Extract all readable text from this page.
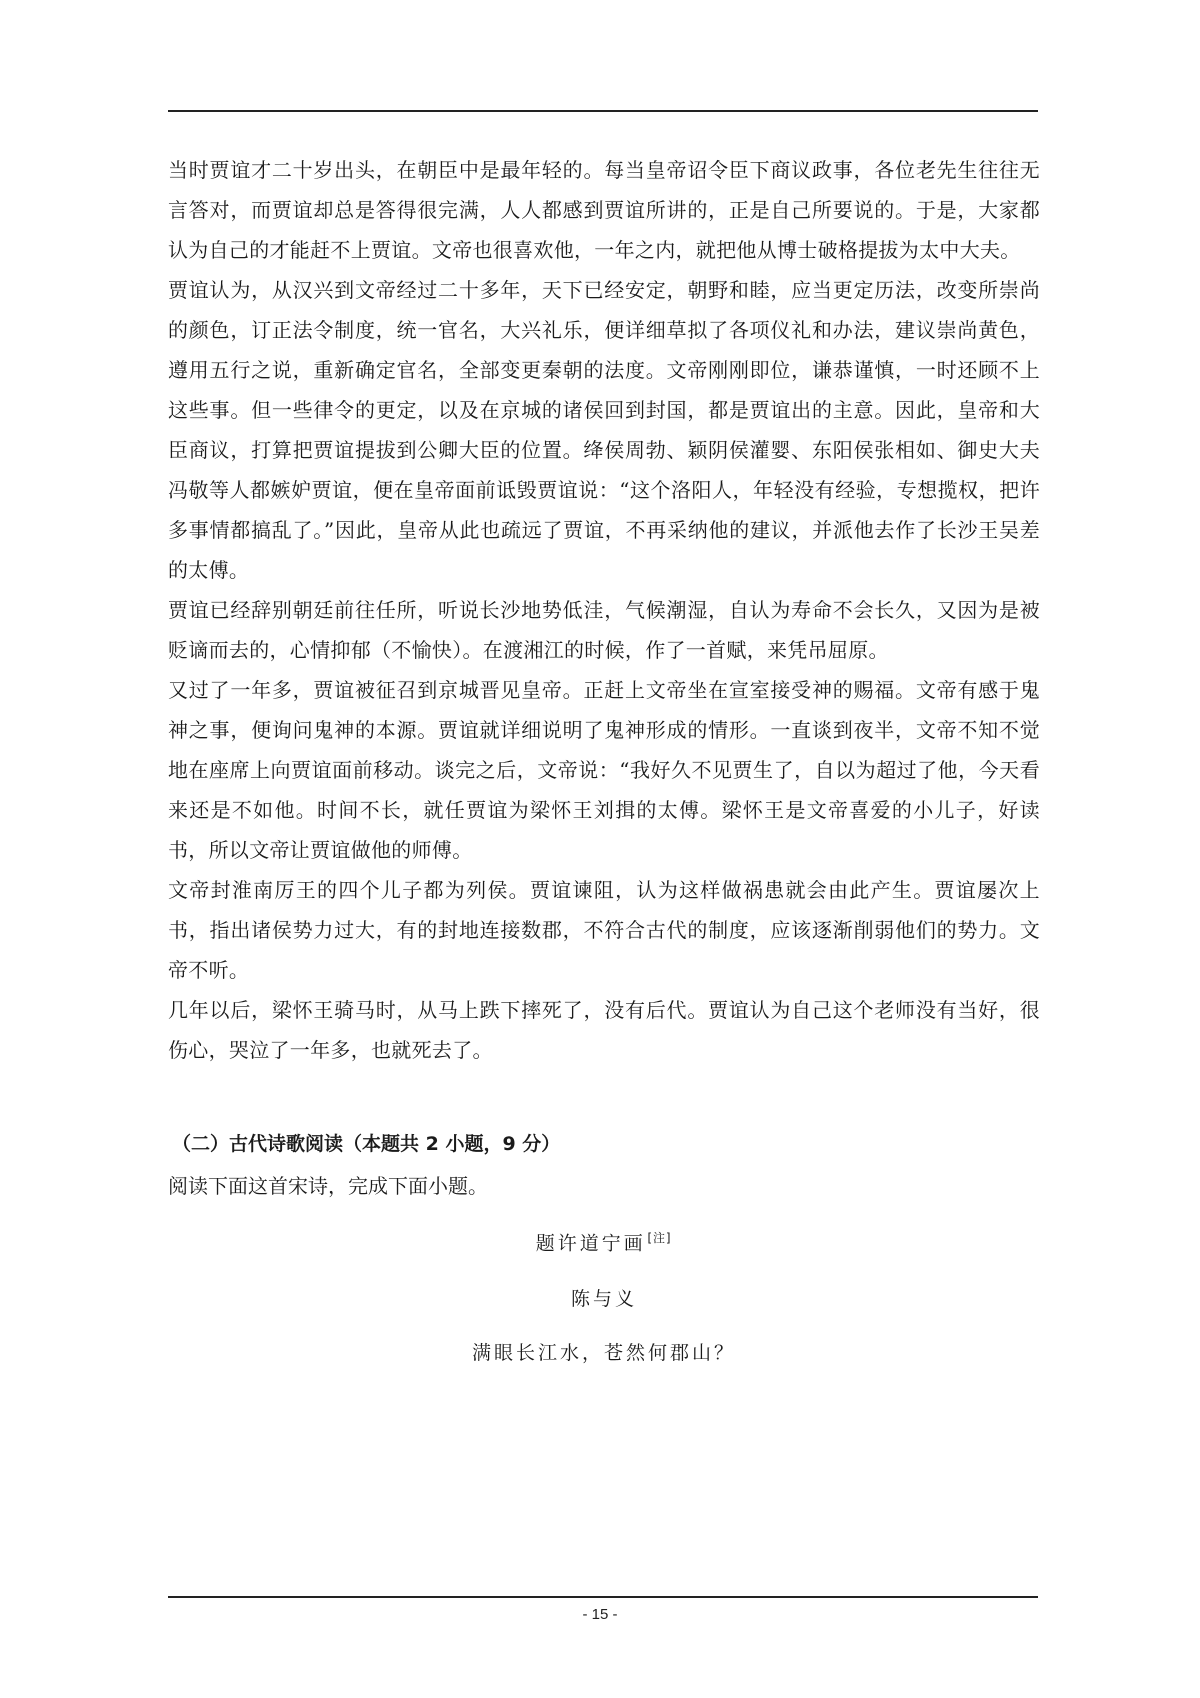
当时贾谊才二十岁出头，在朝臣中是最年轻的。每当皇帝诏令臣下商议政事，各位老先生往往无言答对，而贾谊却总是答得很完满，人人都感到贾谊所讲的，正是自己所要说的。于是，大家都认为自己的才能赶不上贾谊。文帝也很喜欢他，一年之内，就把他从博士破格提拔为太中大夫。

贾谊认为，从汉兴到文帝经过二十多年，天下已经安定，朝野和睦，应当更定历法，改变所崇尚的颜色，订正法令制度，统一官名，大兴礼乐，便详细草拟了各项仪礼和办法，建议崇尚黄色，遵用五行之说，重新确定官名，全部变更秦朝的法度。文帝刚刚即位，谦恭谨慎，一时还顾不上这些事。但一些律令的更定，以及在京城的诸侯回到封国，都是贾谊出的主意。因此，皇帝和大臣商议，打算把贾谊提拔到公卿大臣的位置。绛侯周勃、颖阴侯灌婴、东阳侯张相如、御史大夫冯敬等人都嫉妒贾谊，便在皇帝面前诋毁贾谊说：“这个洛阳人，年轻没有经验，专想揽权，把许多事情都搞乱了。”因此，皇帝从此也疏远了贾谊，不再采纳他的建议，并派他去作了长沙王吴差的太傅。

贾谊已经辞别朝廷前往任所，听说长沙地势低洼，气候潮湿，自认为寿命不会长久，又因为是被贬谪而去的，心情抑郁（不愉快）。在渡湘江的时候，作了一首赋，来凭吊屈原。

又过了一年多，贾谊被征召到京城晋见皇帝。正赶上文帝坐在宣室接受神的赐福。文帝有感于鬼神之事，便询问鬼神的本源。贾谊就详细说明了鬼神形成的情形。一直谈到夜半，文帝不知不觉地在座席上向贾谊面前移动。谈完之后，文帝说：“我好久不见贾生了，自以为超过了他，今天看来还是不如他。时间不长，就任贾谊为梁怀王刘揖的太傅。梁怀王是文帝喜爱的小儿子，好读书，所以文帝让贾谊做他的师傅。

文帝封淮南厉王的四个儿子都为列侯。贾谊谏阻，认为这样做祸患就会由此产生。贾谊屡次上书，指出诸侯势力过大，有的封地连接数郡，不符合古代的制度，应该逐渐削弱他们的势力。文帝不听。

几年以后，梁怀王骑马时，从马上跌下摔死了，没有后代。贾谊认为自己这个老师没有当好，很伤心，哭泣了一年多，也就死去了。

（二）古代诗歌阅读（本题共 2 小题，9 分）
阅读下面这首宋诗，完成下面小题。
题许道宁画[注]
陈与义
满眼长江水，苍然何郡山？
- 15 -
